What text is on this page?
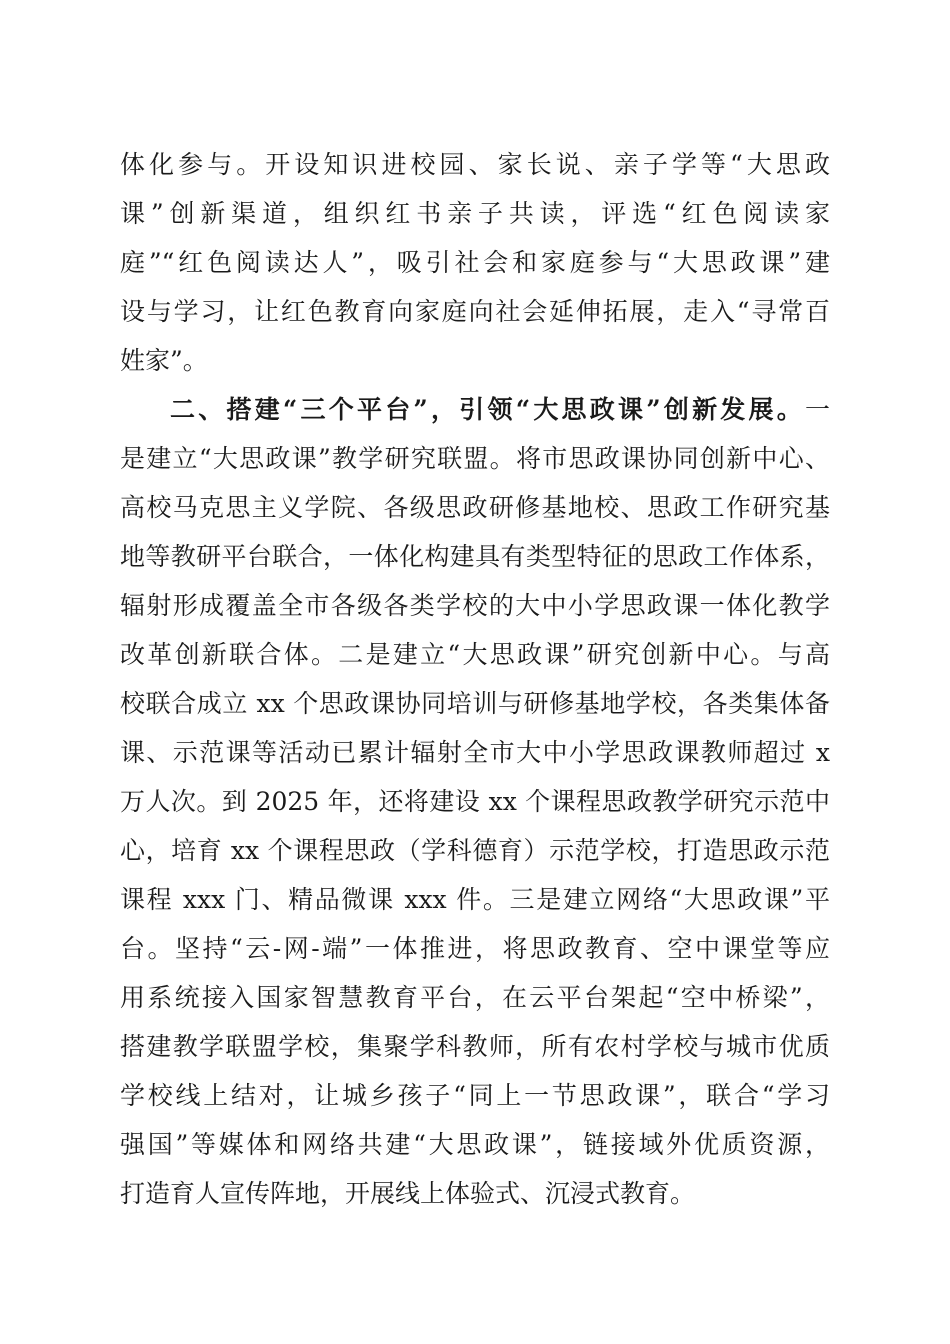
体化参与。开设知识进校园、家长说、亲子学等“大思政
课”创新渠道，组织红书亲子共读，评选“红色阅读家
庭”“红色阅读达人”，吸引社会和家庭参与“大思政课”建
设与学习，让红色教育向家庭向社会延伸拓展，走入“寻常百
姓家”。
二、搭建“三个平台”，引领“大思政课”创新发展。一
是建立“大思政课”教学研究联盟。将市思政课协同创新中心、
高校马克思主义学院、各级思政研修基地校、思政工作研究基
地等教研平台联合，一体化构建具有类型特征的思政工作体系，
辐射形成覆盖全市各级各类学校的大中小学思政课一体化教学
改革创新联合体。二是建立“大思政课”研究创新中心。与高
校联合成立 xx 个思政课协同培训与研修基地学校，各类集体备
课、示范课等活动已累计辐射全市大中小学思政课教师超过 x
万人次。到 2025 年，还将建设 xx 个课程思政教学研究示范中
心，培育 xx 个课程思政（学科德育）示范学校，打造思政示范
课程 xxx 门、精品微课 xxx 件。三是建立网络“大思政课”平
台。坚持“云-网-端”一体推进，将思政教育、空中课堂等应
用系统接入国家智慧教育平台，在云平台架起“空中桥梁”，
搭建教学联盟学校，集聚学科教师，所有农村学校与城市优质
学校线上结对，让城乡孩子“同上一节思政课”，联合“学习
强国”等媒体和网络共建“大思政课”，链接域外优质资源，
打造育人宣传阵地，开展线上体验式、沉浸式教育。
